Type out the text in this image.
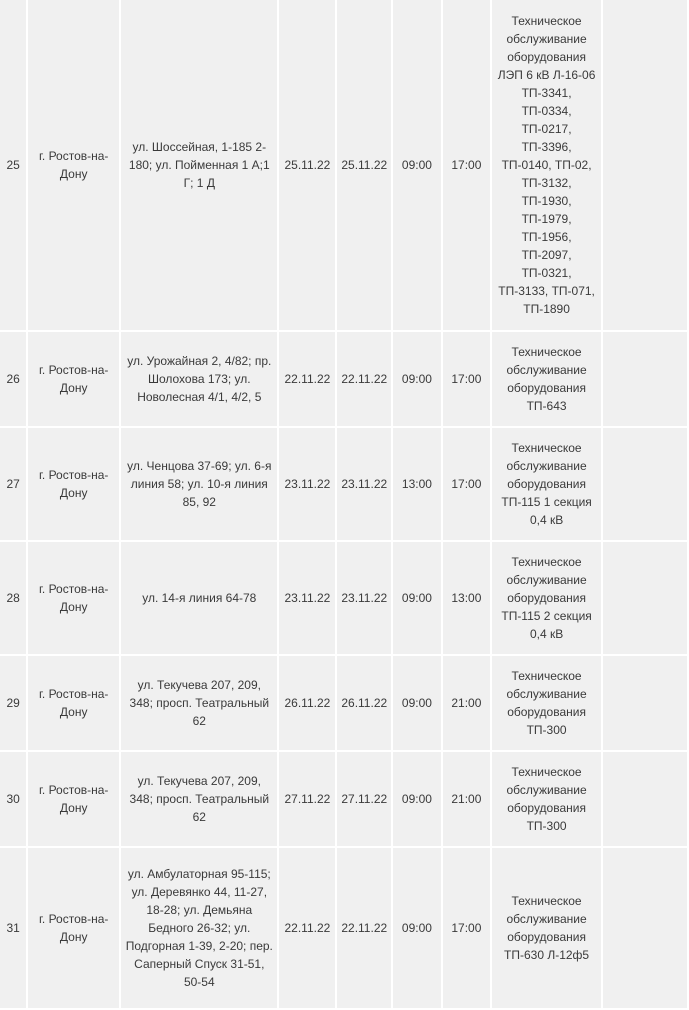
25	г. Ростов-на-Дону	ул. Шоссейная, 1-185 2-180; ул. Пойменная 1 А;1 Г; 1 Д	25.11.22	25.11.22	09:00	17:00	Техническое обслуживание оборудования ЛЭП 6 кВ Л-16-06 ТП-3341, ТП-0334, ТП-0217, ТП-3396, ТП-0140, ТП-02, ТП-3132, ТП-1930, ТП-1979, ТП-1956, ТП-2097, ТП-0321, ТП-3133, ТП-071, ТП-1890	
26	г. Ростов-на-Дону	ул. Урожайная 2, 4/82; пр. Шолохова 173; ул. Новолесная 4/1, 4/2, 5	22.11.22	22.11.22	09:00	17:00	Техническое обслуживание оборудования ТП-643	
27	г. Ростов-на-Дону	ул. Ченцова 37-69; ул. 6-я линия 58; ул. 10-я линия 85, 92	23.11.22	23.11.22	13:00	17:00	Техническое обслуживание оборудования ТП-115 1 секция 0,4 кВ	
28	г. Ростов-на-Дону	ул. 14-я линия 64-78	23.11.22	23.11.22	09:00	13:00	Техническое обслуживание оборудования ТП-115 2 секция 0,4 кВ	
29	г. Ростов-на-Дону	ул. Текучева 207, 209, 348; просп. Театральный 62	26.11.22	26.11.22	09:00	21:00	Техническое обслуживание оборудования ТП-300	
30	г. Ростов-на-Дону	ул. Текучева 207, 209, 348; просп. Театральный 62	27.11.22	27.11.22	09:00	21:00	Техническое обслуживание оборудования ТП-300	
31	г. Ростов-на-Дону	ул. Амбулаторная 95-115; ул. Деревянко 44, 11-27, 18-28; ул. Демьяна Бедного 26-32; ул. Подгорная 1-39, 2-20; пер. Саперный Спуск 31-51, 50-54	22.11.22	22.11.22	09:00	17:00	Техническое обслуживание оборудования ТП-630 Л-12ф5	
